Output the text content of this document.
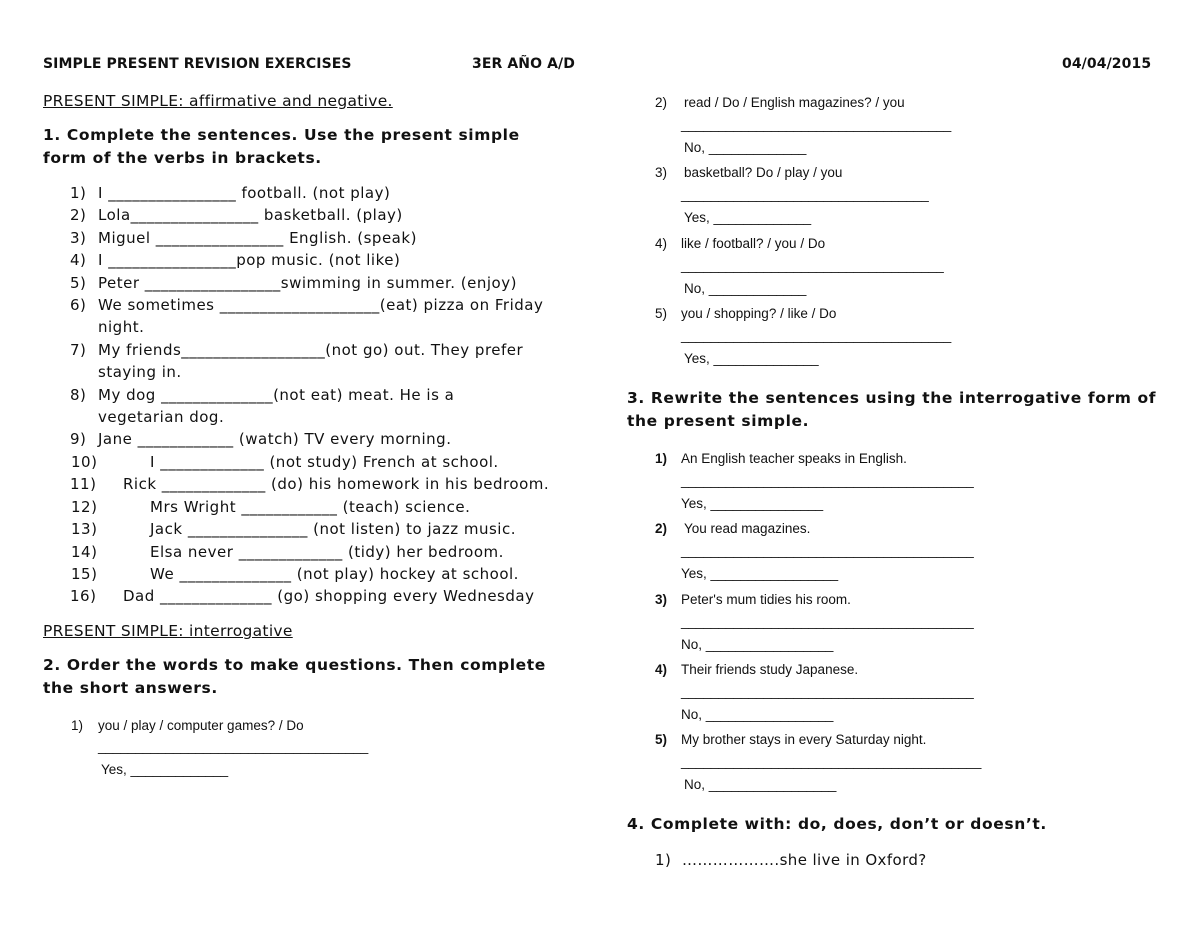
SIMPLE PRESENT REVISION EXERCISES	3ER AÑO A/D	04/04/2015
PRESENT SIMPLE: affirmative and negative.
1. Complete the sentences. Use the present simple form of the verbs in brackets.
1) I ________________ football. (not play)
2) Lola________________ basketball. (play)
3) Miguel ________________ English. (speak)
4) I ________________pop music. (not like)
5) Peter _________________swimming in summer. (enjoy)
6) We sometimes ____________________(eat) pizza on Friday night.
7) My friends__________________(not go) out. They prefer staying in.
8) My dog ______________(not eat) meat. He is a vegetarian dog.
9) Jane ____________ (watch) TV every morning.
10)	I _____________ (not study) French at school.
11) Rick _____________ (do) his homework in his bedroom.
12)	Mrs Wright ____________ (teach) science.
13)	Jack _______________ (not listen) to jazz music.
14)	Elsa never _____________ (tidy) her bedroom.
15)	We ______________ (not play) hockey at school.
16) Dad ______________ (go) shopping every Wednesday
PRESENT SIMPLE: interrogative
2. Order the words to make questions. Then complete the short answers.
1)	you / play / computer games? / Do
____________________________________
Yes, _____________
2)	read / Do / English magazines? / you
____________________________________
No, _____________
3)	basketball? Do / play / you
_________________________________
Yes, _____________
4)	like / football? / you / Do
___________________________________
No, _____________
5)	you / shopping? / like / Do
____________________________________
Yes, ______________
3. Rewrite the sentences using the interrogative form of the present simple.
1)	An English teacher speaks in English.
_______________________________________
Yes, _______________
2)	You read magazines.
_______________________________________
Yes, _________________
3)	Peter's mum tidies his room.
_______________________________________
No, _________________
4)	Their friends study Japanese.
_______________________________________
No, _________________
5)	My brother stays in every Saturday night.
________________________________________
No, _________________
4. Complete with: do, does, don’t or doesn’t.
1) ……………….she live in Oxford?
